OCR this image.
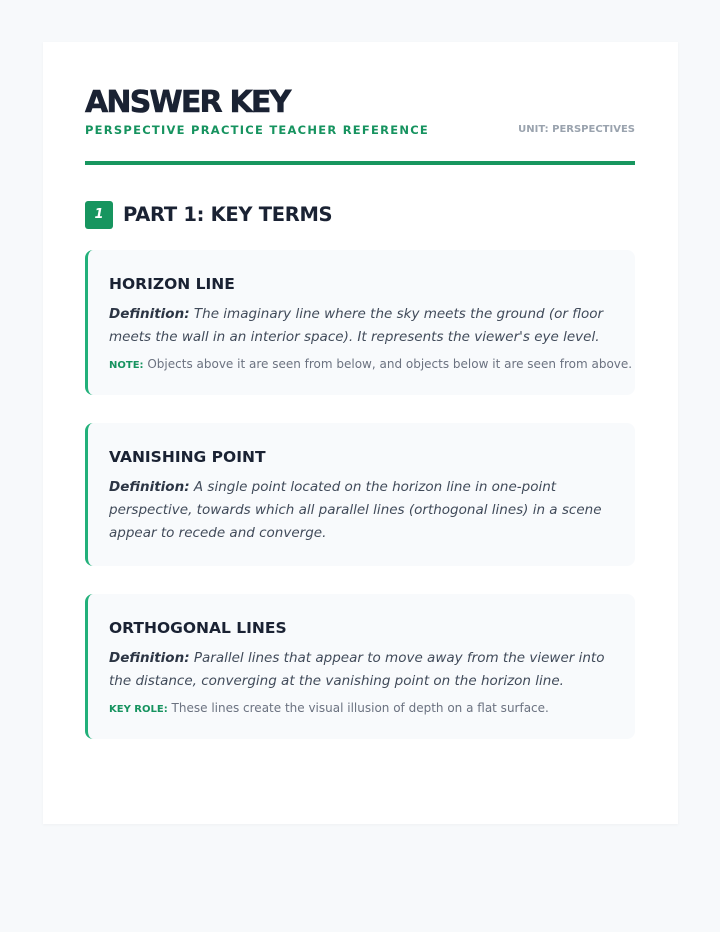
ANSWER KEY
PERSPECTIVE PRACTICE TEACHER REFERENCE	UNIT: PERSPECTIVES
1 PART 1: KEY TERMS
HORIZON LINE
Definition: The imaginary line where the sky meets the ground (or floor meets the wall in an interior space). It represents the viewer's eye level.
NOTE: Objects above it are seen from below, and objects below it are seen from above.
VANISHING POINT
Definition: A single point located on the horizon line in one-point perspective, towards which all parallel lines (orthogonal lines) in a scene appear to recede and converge.
ORTHOGONAL LINES
Definition: Parallel lines that appear to move away from the viewer into the distance, converging at the vanishing point on the horizon line.
KEY ROLE: These lines create the visual illusion of depth on a flat surface.
